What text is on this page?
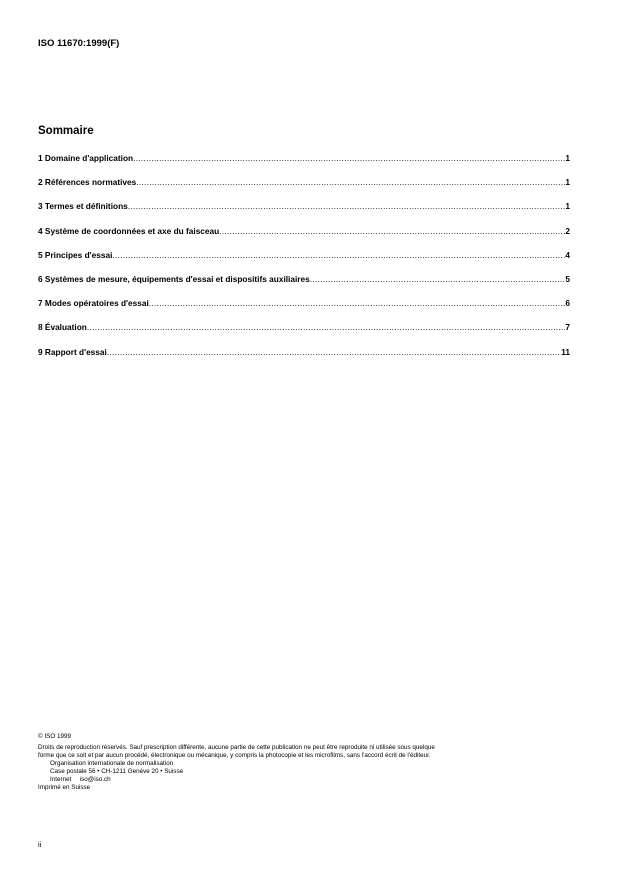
ISO 11670:1999(F)
Sommaire
1 Domaine d'application .....	1
2 Références normatives .....	1
3 Termes et définitions .....	1
4 Système de coordonnées et axe du faisceau .....	2
5 Principes d'essai .....	4
6 Systèmes de mesure, équipements d'essai et dispositifs auxiliaires .....	5
7 Modes opératoires d'essai .....	6
8 Évaluation .....	7
9 Rapport d'essai .....	11
© ISO 1999
Droits de reproduction réservés. Sauf prescription différente, aucune partie de cette publication ne peut être reproduite ni utilisée sous quelque
forme que ce soit et par aucun procédé, électronique ou mécanique, y compris la photocopie et les microfilms, sans l'accord écrit de l'éditeur.
Organisation internationale de normalisation
Case postale 56 • CH-1211 Genève 20 • Suisse
Internet iso@iso.ch
Imprimé en Suisse
ii
